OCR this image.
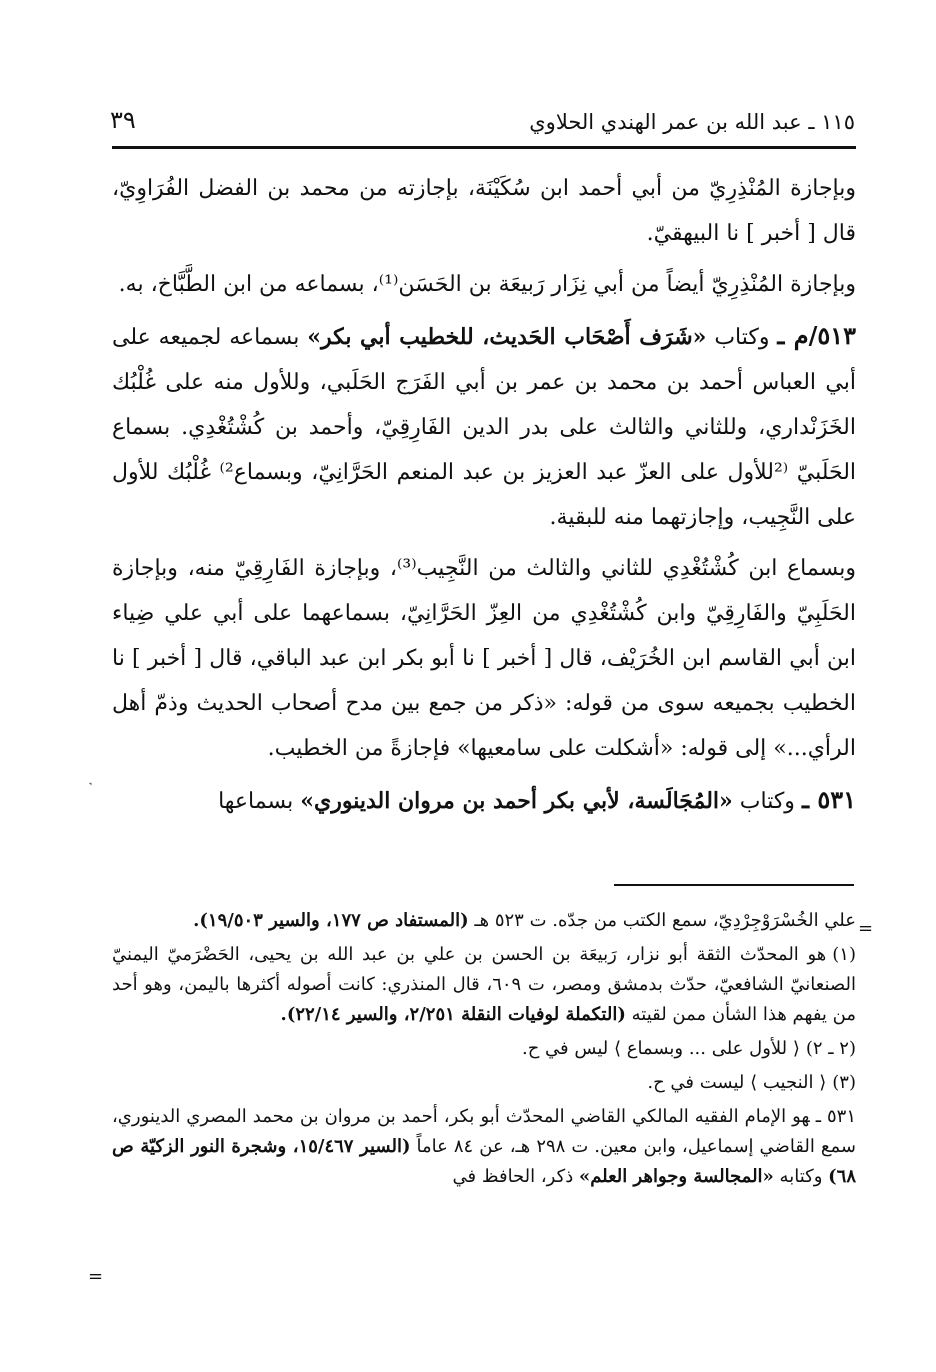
١١٥ ـ عبد الله بن عمر الهندي الحلاوي
٣٩

وبإجازة المُنْذِرِيّ من أبي أحمد ابن سُكَيْنَة، بإجازته من محمد بن الفضل الفُرَاوِيّ، قال [ أخبر ] نا البيهقيّ.

وبإجازة المُنْذِرِيّ أيضاً من أبي نِزَار رَبيعَة بن الحَسَن⁽¹⁾، بسماعه من ابن الطَّبَّاخ، به.

٥١٣/م ـ وكتاب «شَرَف أَصْحَاب الحَديث، للخطيب أبي بكر» بسماعه لجميعه على أبي العباس أحمد بن محمد بن عمر بن أبي الفَرَج الحَلَبي، وللأول منه على غُلْبُك الخَزَنْداري، وللثاني والثالث على بدر الدين الفَارِقِيّ، وأحمد بن كُشْتُغْدِي. بسماع الحَلَبيّ ⁽²للأول على العزّ عبد العزيز بن عبد المنعم الحَرَّانِيّ، وبسماع²⁾ غُلْبُك للأول على النَّجِيب، وإجازتهما منه للبقية.

وبسماع ابن كُشْتُغْدِي للثاني والثالث من النَّجِيب⁽³⁾، وبإجازة الفَارِقِيّ منه، وبإجازة الحَلَبِيّ والفَارِقِيّ وابن كُشْتُغْدِي من العِزّ الحَرَّانِيّ، بسماعهما على أبي علي ضِياء ابن أبي القاسم ابن الخُرَيْف، قال [ أخبر ] نا أبو بكر ابن عبد الباقي، قال [ أخبر ] نا الخطيب بجميعه سوى من قوله: «ذكر من جمع بين مدح أصحاب الحديث وذمّ أهل الرأي...» إلى قوله: «أشكلت على سامعيها» فإجازةً من الخطيب.

٥٣١ ـ وكتاب «المُجَالَسة، لأبي بكر أحمد بن مروان الدينوري» بسماعها

˺
=

علي الخُسْرَوْجِرْدِيّ، سمع الكتب من جدّه. ت ٥٢٣ هـ (المستفاد ص ١٧٧، والسير ١٩/٥٠٣).

(١)هو المحدّث الثقة أبو نزار، رَبيعَة بن الحسن بن علي بن عبد الله بن يحيى، الحَضْرَميّ اليمنيّ الصنعانيّ الشافعيّ، حدّث بدمشق ومصر، ت ٦٠٩، قال المنذري: كانت أصوله أكثرها باليمن، وهو أحد من يفهم هذا الشأن ممن لقيته (التكملة لوفيات النقلة ٢/٢٥١، والسير ٢٢/١٤).

(٢ ـ ٢)⟨ للأول على ... وبسماع ⟩ ليس في ح.

(٣)⟨ النجيب ⟩ ليست في ح.

٥٣١ ـهو الإمام الفقيه المالكي القاضي المحدّث أبو بكر، أحمد بن مروان بن محمد المصري الدينوري، سمع القاضي إسماعيل، وابن معين. ت ٢٩٨ هـ، عن ٨٤ عاماً (السير ١٥/٤٦٧، وشجرة النور الزكيّة ص ٦٨) وكتابه «المجالسة وجواهر العلم» ذكر، الحافظ في

=
